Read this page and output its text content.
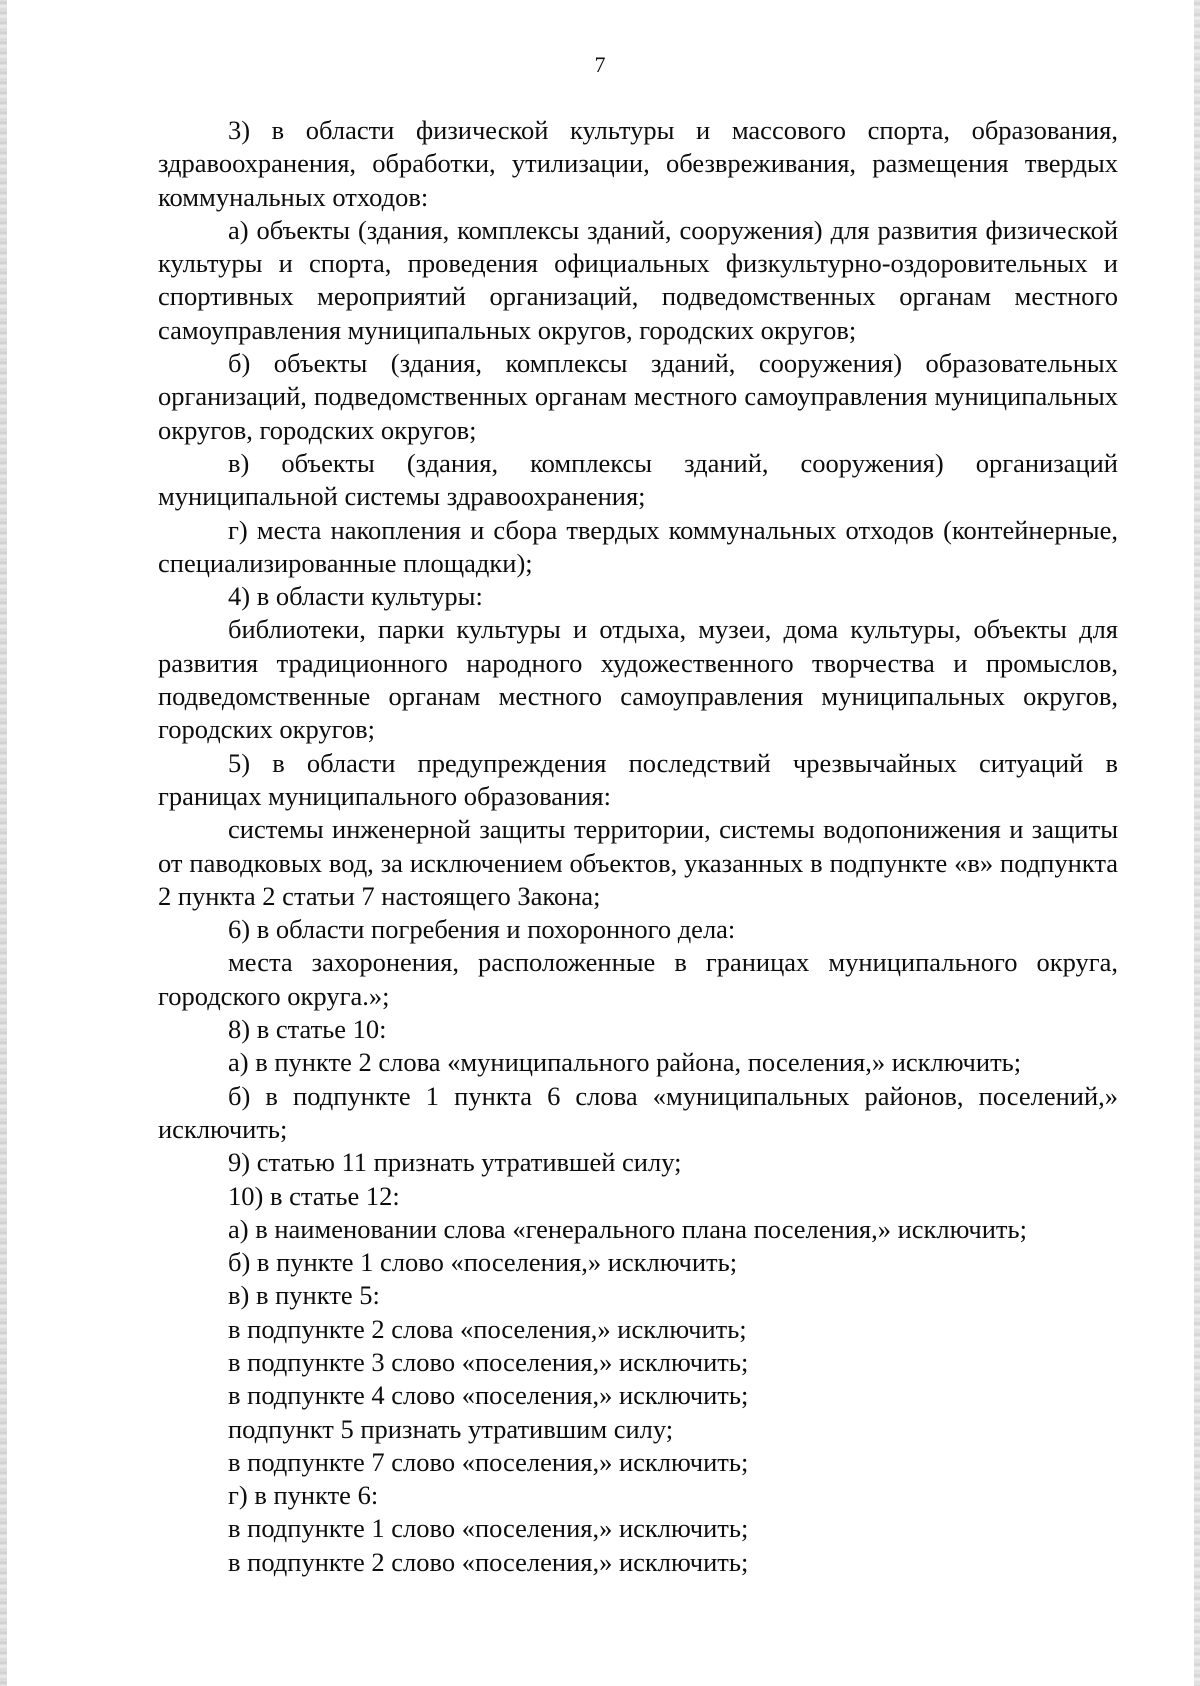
7

3) в области физической культуры и массового спорта, образования, здравоохранения, обработки, утилизации, обезвреживания, размещения твердых коммунальных отходов:

а) объекты (здания, комплексы зданий, сооружения) для развития физической культуры и спорта, проведения официальных физкультурно-оздоровительных и спортивных мероприятий организаций, подведомственных органам местного самоуправления муниципальных округов, городских округов;

б) объекты (здания, комплексы зданий, сооружения) образовательных организаций, подведомственных органам местного самоуправления муниципальных округов, городских округов;

в) объекты (здания, комплексы зданий, сооружения) организаций муниципальной системы здравоохранения;

г) места накопления и сбора твердых коммунальных отходов (контейнерные, специализированные площадки);

4) в области культуры:

библиотеки, парки культуры и отдыха, музеи, дома культуры, объекты для развития традиционного народного художественного творчества и промыслов, подведомственные органам местного самоуправления муниципальных округов, городских округов;

5) в области предупреждения последствий чрезвычайных ситуаций в границах муниципального образования:

системы инженерной защиты территории, системы водопонижения и защиты от паводковых вод, за исключением объектов, указанных в подпункте «в» подпункта 2 пункта 2 статьи 7 настоящего Закона;

6) в области погребения и похоронного дела:

места захоронения, расположенные в границах муниципального округа, городского округа.»;

8) в статье 10:

а) в пункте 2 слова «муниципального района, поселения,» исключить;

б) в подпункте 1 пункта 6 слова «муниципальных районов, поселений,» исключить;

9) статью 11 признать утратившей силу;

10) в статье 12:

а) в наименовании слова «генерального плана поселения,» исключить;

б) в пункте 1 слово «поселения,» исключить;

в) в пункте 5:

в подпункте 2 слова «поселения,» исключить;

в подпункте 3 слово «поселения,» исключить;

в подпункте 4 слово «поселения,» исключить;

подпункт 5 признать утратившим силу;

в подпункте 7 слово «поселения,» исключить;

г) в пункте 6:

в подпункте 1 слово «поселения,» исключить;

в подпункте 2 слово «поселения,» исключить;
